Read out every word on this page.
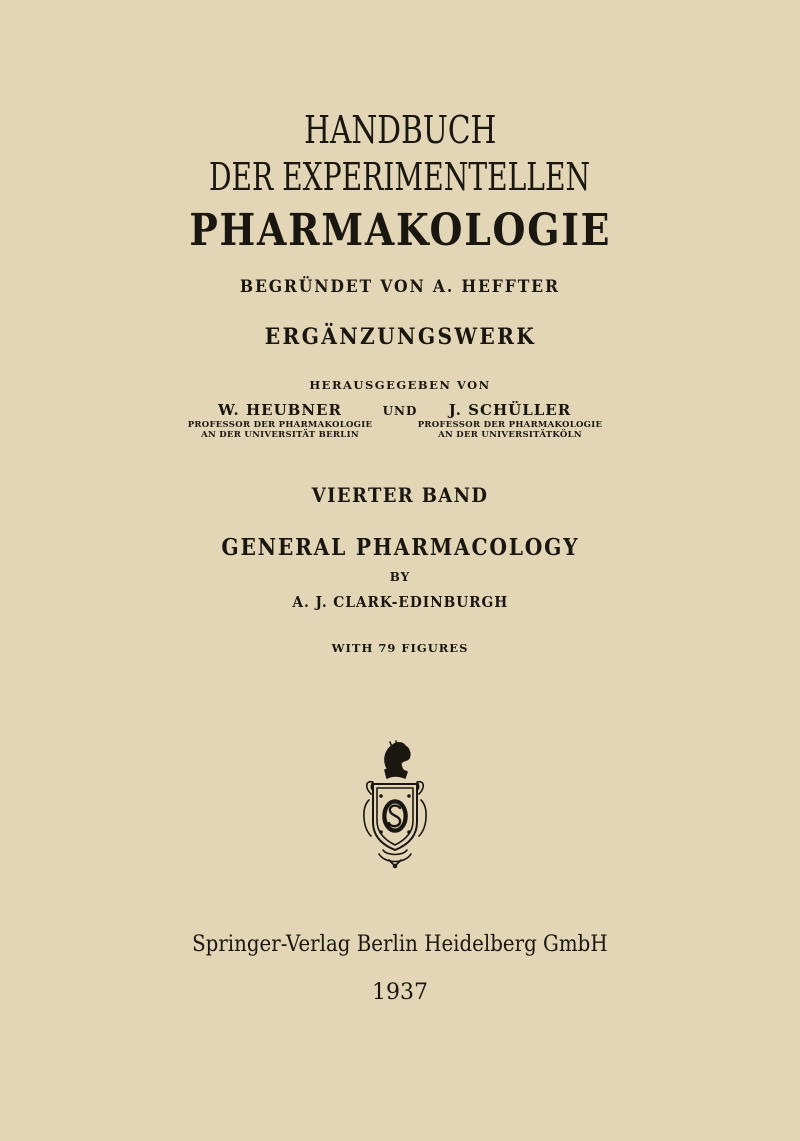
HANDBUCH
DER EXPERIMENTELLEN
PHARMAKOLOGIE
BEGRÜNDET VON A. HEFFTER
ERGÄNZUNGSWERK
HERAUSGEGEBEN VON
W. HEUBNER
PROFESSOR DER PHARMAKOLOGIE
AN DER UNIVERSITÄT BERLIN
UND	J. SCHÜLLER
PROFESSOR DER PHARMAKOLOGIE
AN DER UNIVERSITÄTKÖLN
VIERTER BAND
GENERAL PHARMACOLOGY
BY
A. J. CLARK-EDINBURGH
WITH 79 FIGURES
Springer-Verlag Berlin Heidelberg GmbH
1937
